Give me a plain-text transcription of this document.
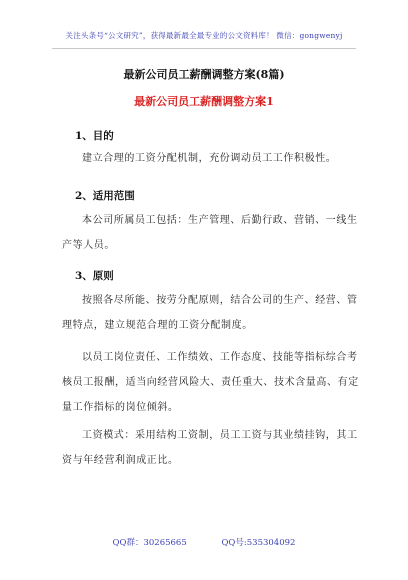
关注头条号“公文研究”，获得最新最全最专业的公文资料库！ 微信：gongwenyj
最新公司员工薪酬调整方案(8篇)
最新公司员工薪酬调整方案1
1、目的
建立合理的工资分配机制，充份调动员工工作积极性。
2、适用范围
本公司所属员工包括：生产管理、后勤行政、营销、一线生产等人员。
3、原则
按照各尽所能、按劳分配原则，结合公司的生产、经营、管理特点，建立规范合理的工资分配制度。
以员工岗位责任、工作绩效、工作态度、技能等指标综合考核员工报酬，适当向经营风险大、责任重大、技术含量高、有定量工作指标的岗位倾斜。
工资模式：采用结构工资制，员工工资与其业绩挂钩，其工资与年经营利润成正比。
QQ群：30265665	QQ号:535304092
